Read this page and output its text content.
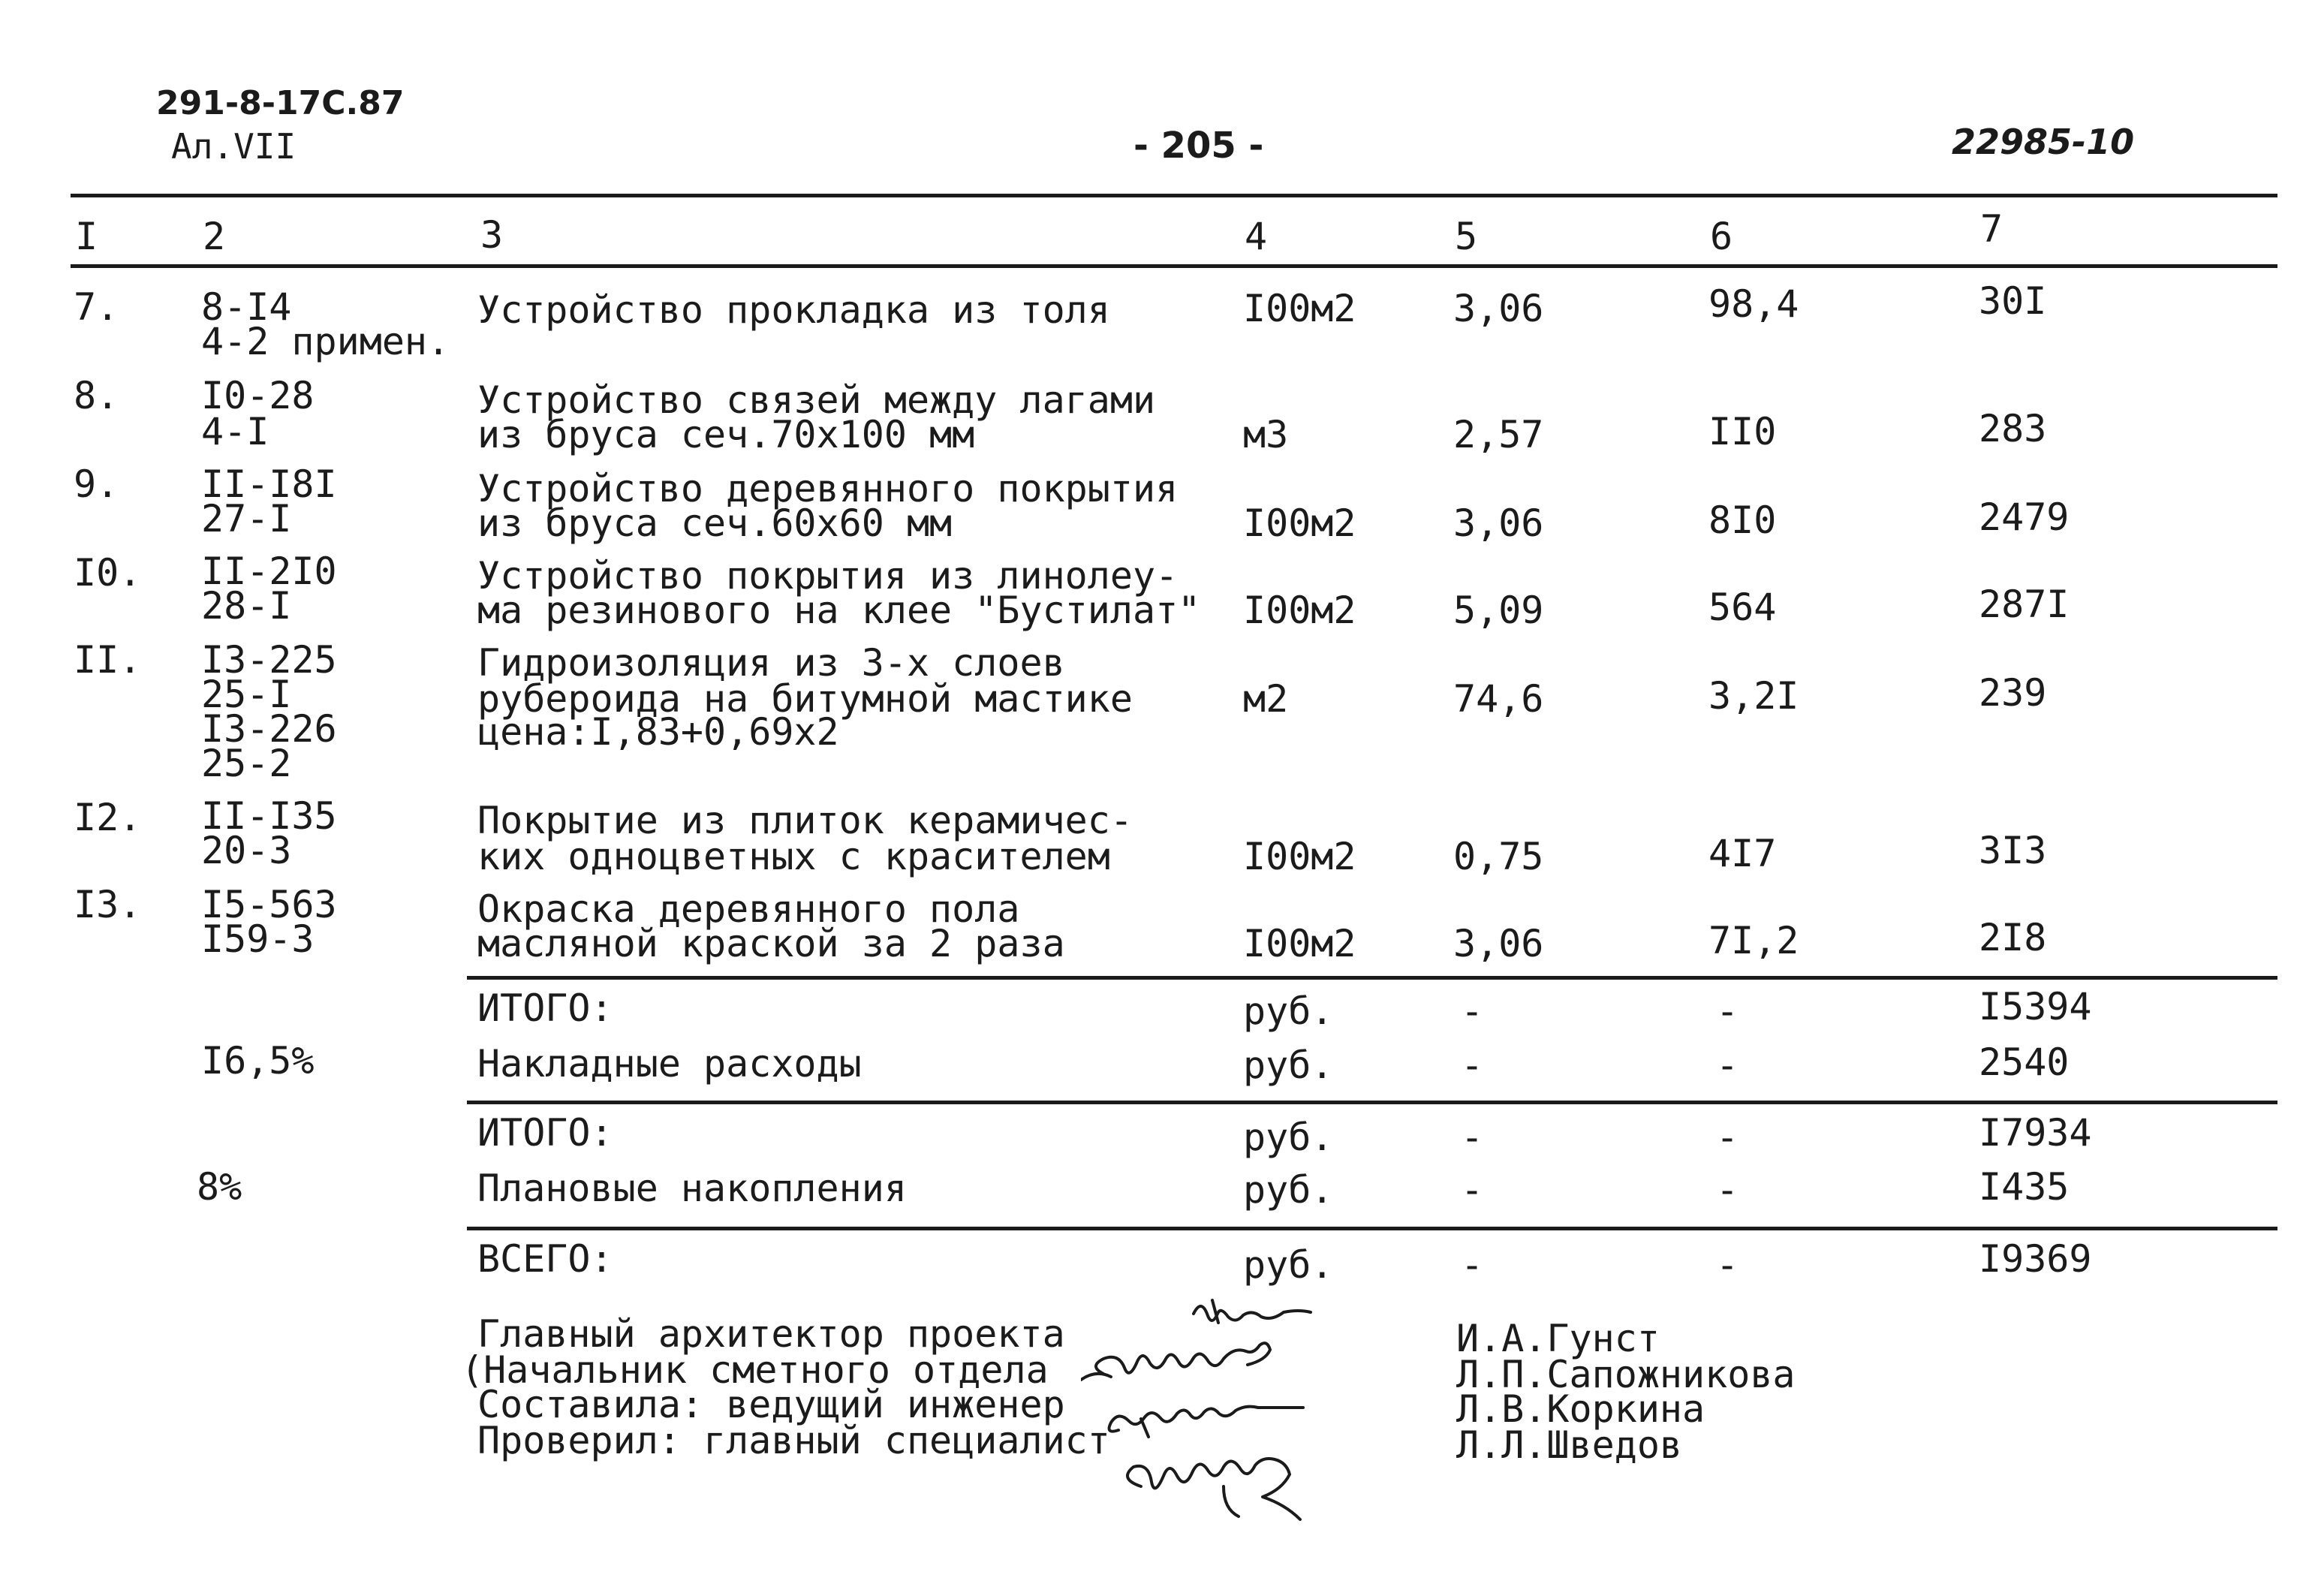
291-8-17С.87
Ал.VII	- 205 -	22985-10
I	2	3	4	5	6	7
7. 8-I4
4-2 примен.
Устройство прокладка из толя	I00м2	3,06	98,4	30I
8. I0-28
4-I
Устройство связей между лагами
из бруса сеч.70х100 мм	м3	2,57	II0	283
9. II-I8I
27-I
Устройство деревянного покрытия
из бруса сеч.60х60 мм	I00м2	3,06	8I0	2479
I0. II-2I0
28-I
Устройство покрытия из линолеу-
ма резинового на клее "Бустилат" I00м2	5,09	564	287I
II. I3-225
25-I
I3-226
25-2
Гидроизоляция из 3-х слоев
рубероида на битумной мастике
цена:I,83+0,69х2
м2	74,6	3,2I	239
I2. II-I35
20-3
Покрытие из плиток керамичес-
ких одноцветных с красителем	I00м2	0,75	4I7	3I3
I3. I5-563
I59-3
Окраска деревянного пола
масляной краской за 2 раза	I00м2	3,06	7I,2	2I8
ИТОГО:	руб.	-	-	I5394
I6,5%	Накладные расходы	руб.	-	-	2540
ИТОГО:	руб.	-	-	I7934
8%	Плановые накопления	руб.	-	-	I435
ВСЕГО:	руб.	-	-	I9369
Главный архитектор проекта
(Начальник сметного отдела
Составила: ведущий инженер
Проверил: главный специалист
И.А.Гунст
Л.П.Сапожникова
Л.В.Коркина
Л.Л.Шведов
